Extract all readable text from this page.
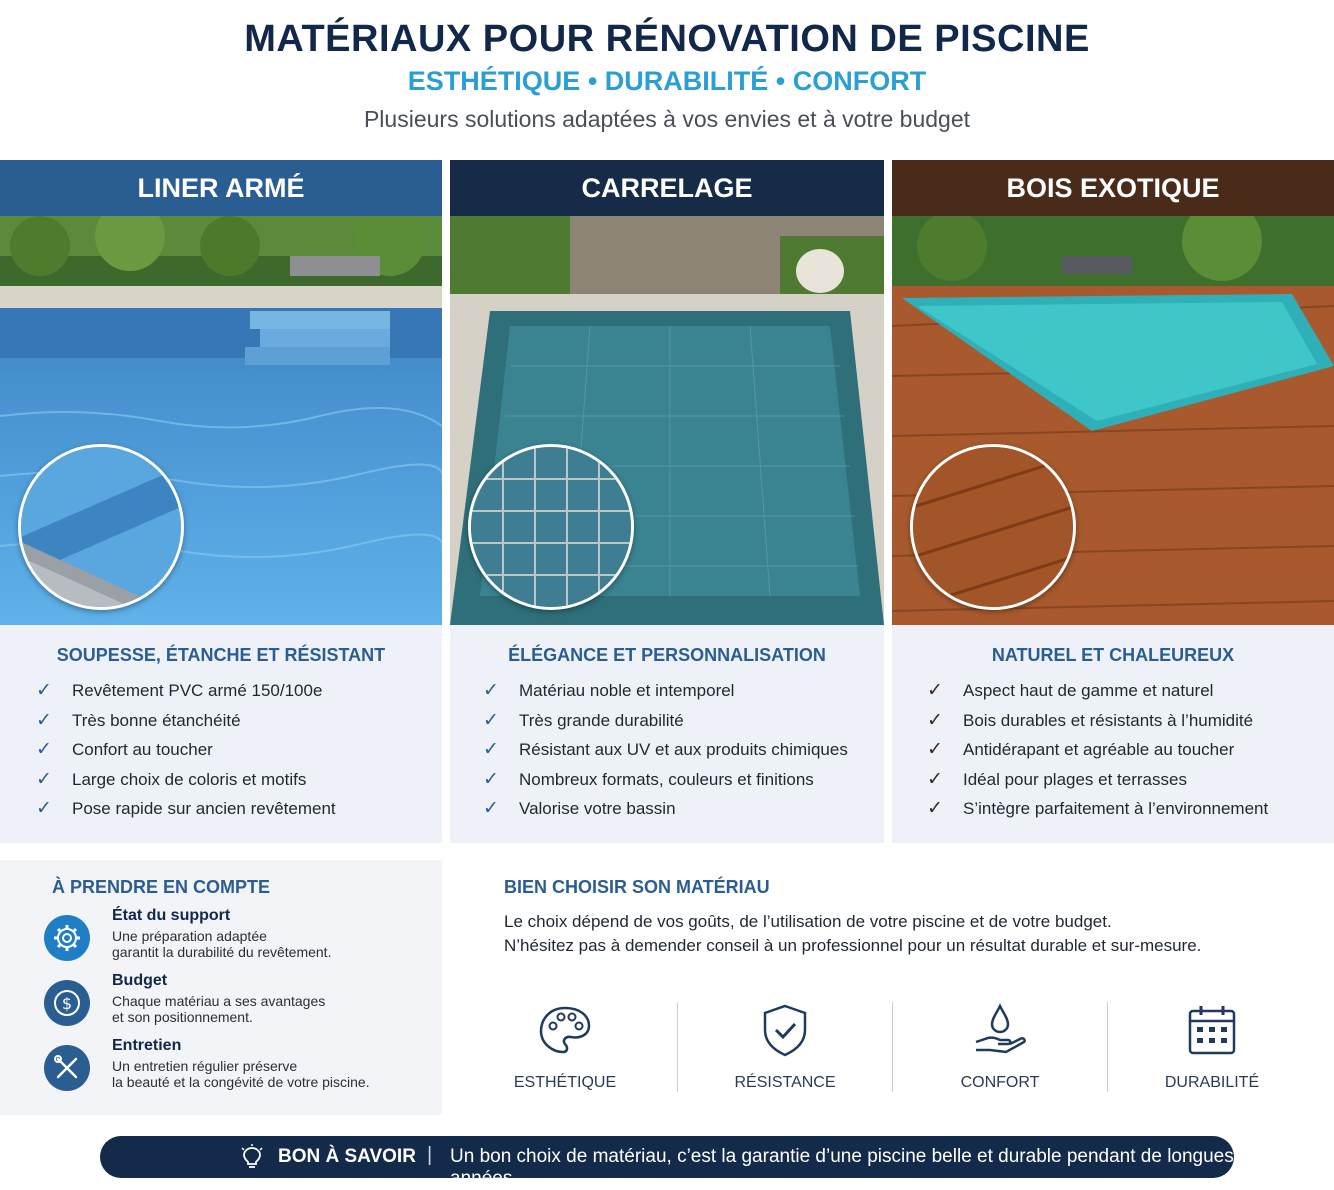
MATÉRIAUX POUR RÉNOVATION DE PISCINE
ESTHÉTIQUE • DURABILITÉ • CONFORT
Plusieurs solutions adaptées à vos envies et à votre budget
LINER ARMÉ
SOUPESSE, ÉTANCHE ET RÉSISTANT
✓ Revêtement PVC armé 150/100e
✓ Très bonne étanchéité
✓ Confort au toucher
✓ Large choix de coloris et motifs
✓ Pose rapide sur ancien revêtement
CARRELAGE
ÉLÉGANCE ET PERSONNALISATION
✓ Matériau noble et intemporel
✓ Très grande durabilité
✓ Résistant aux UV et aux produits chimiques
✓ Nombreux formats, couleurs et finitions
✓ Valorise votre bassin
BOIS EXOTIQUE
NATUREL ET CHALEUREUX
✓ Aspect haut de gamme et naturel
✓ Bois durables et résistants à l’humidité
✓ Antidérapant et agréable au toucher
✓ Idéal pour plages et terrasses
✓ S’intègre parfaitement à l’environnement
À PRENDRE EN COMPTE
État du support
Une préparation adaptée
garantit la durabilité du revêtement.
$
Budget
Chaque matériau a ses avantages
et son positionnement.
Entretien
Un entretien régulier préserve
la beauté et la congévité de votre piscine.
BIEN CHOISIR SON MATÉRIAU
Le choix dépend de vos goûts, de l’utilisation de votre piscine et de votre budget.
N’hésitez pas à demender conseil à un professionnel pour un résultat durable et sur-mesure.
ESTHÉTIQUE	RÉSISTANCE	CONFORT	DURABILITÉ
BON À SAVOIR | Un bon choix de matériau, c’est la garantie d’une piscine belle et durable pendant de longues années.
